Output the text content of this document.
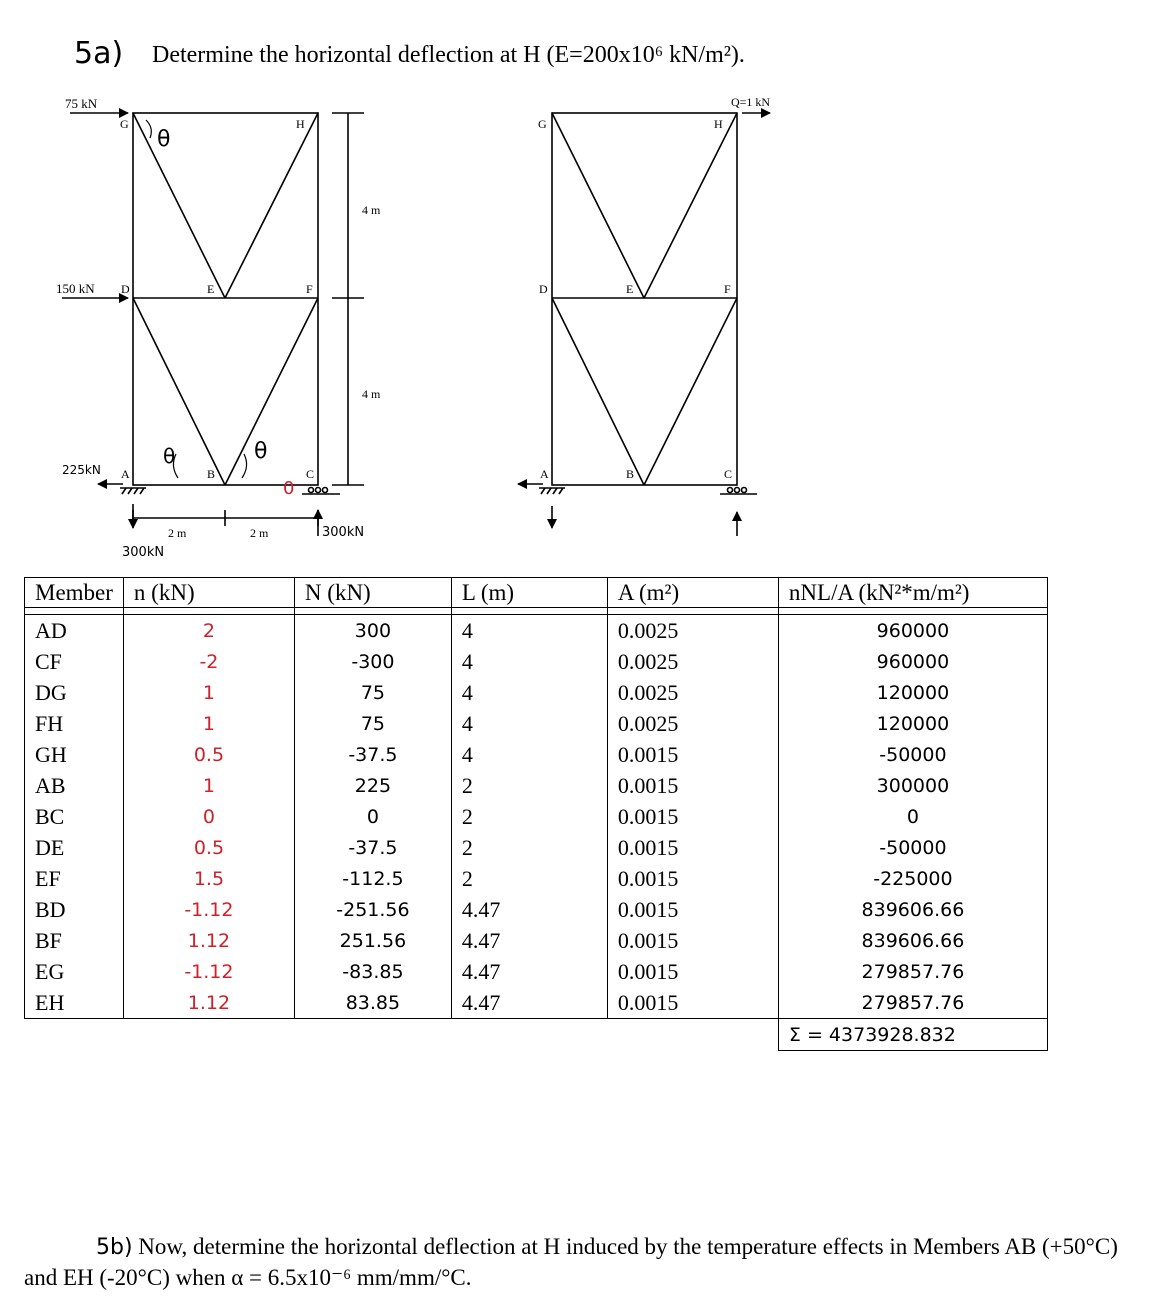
5a) Determine the horizontal deflection at H (E=200x10⁶ kN/m²).
G	H
D	E	F
A	B	C
75 kN
150 kN
4 m
4 m
2 m	2 m
θ
θ	θ
225kN
300kN
300kN
0
G	H
D	E	F
A	B	C
Q=1 kN
Member	n (kN)	N (kN)	L (m)	A (m²)	nNL/A (kN²*m/m²)

AD	2	300	4	0.0025	960000
CF	-2	-300	4	0.0025	960000
DG	1	75	4	0.0025	120000
FH	1	75	4	0.0025	120000
GH	0.5	-37.5	4	0.0015	-50000
AB	1	225	2	0.0015	300000
BC	0	0	2	0.0015	0
DE	0.5	-37.5	2	0.0015	-50000
EF	1.5	-112.5	2	0.0015	-225000
BD	-1.12	-251.56	4.47	0.0015	839606.66
BF	1.12	251.56	4.47	0.0015	839606.66
EG	-1.12	-83.85	4.47	0.0015	279857.76
EH	1.12	83.85	4.47	0.0015	279857.76
					Σ = 4373928.832
5b) Now, determine the horizontal deflection at H induced by the temperature effects in Members AB (+50°C) and EH (-20°C) when α = 6.5x10⁻⁶ mm/mm/°C.
